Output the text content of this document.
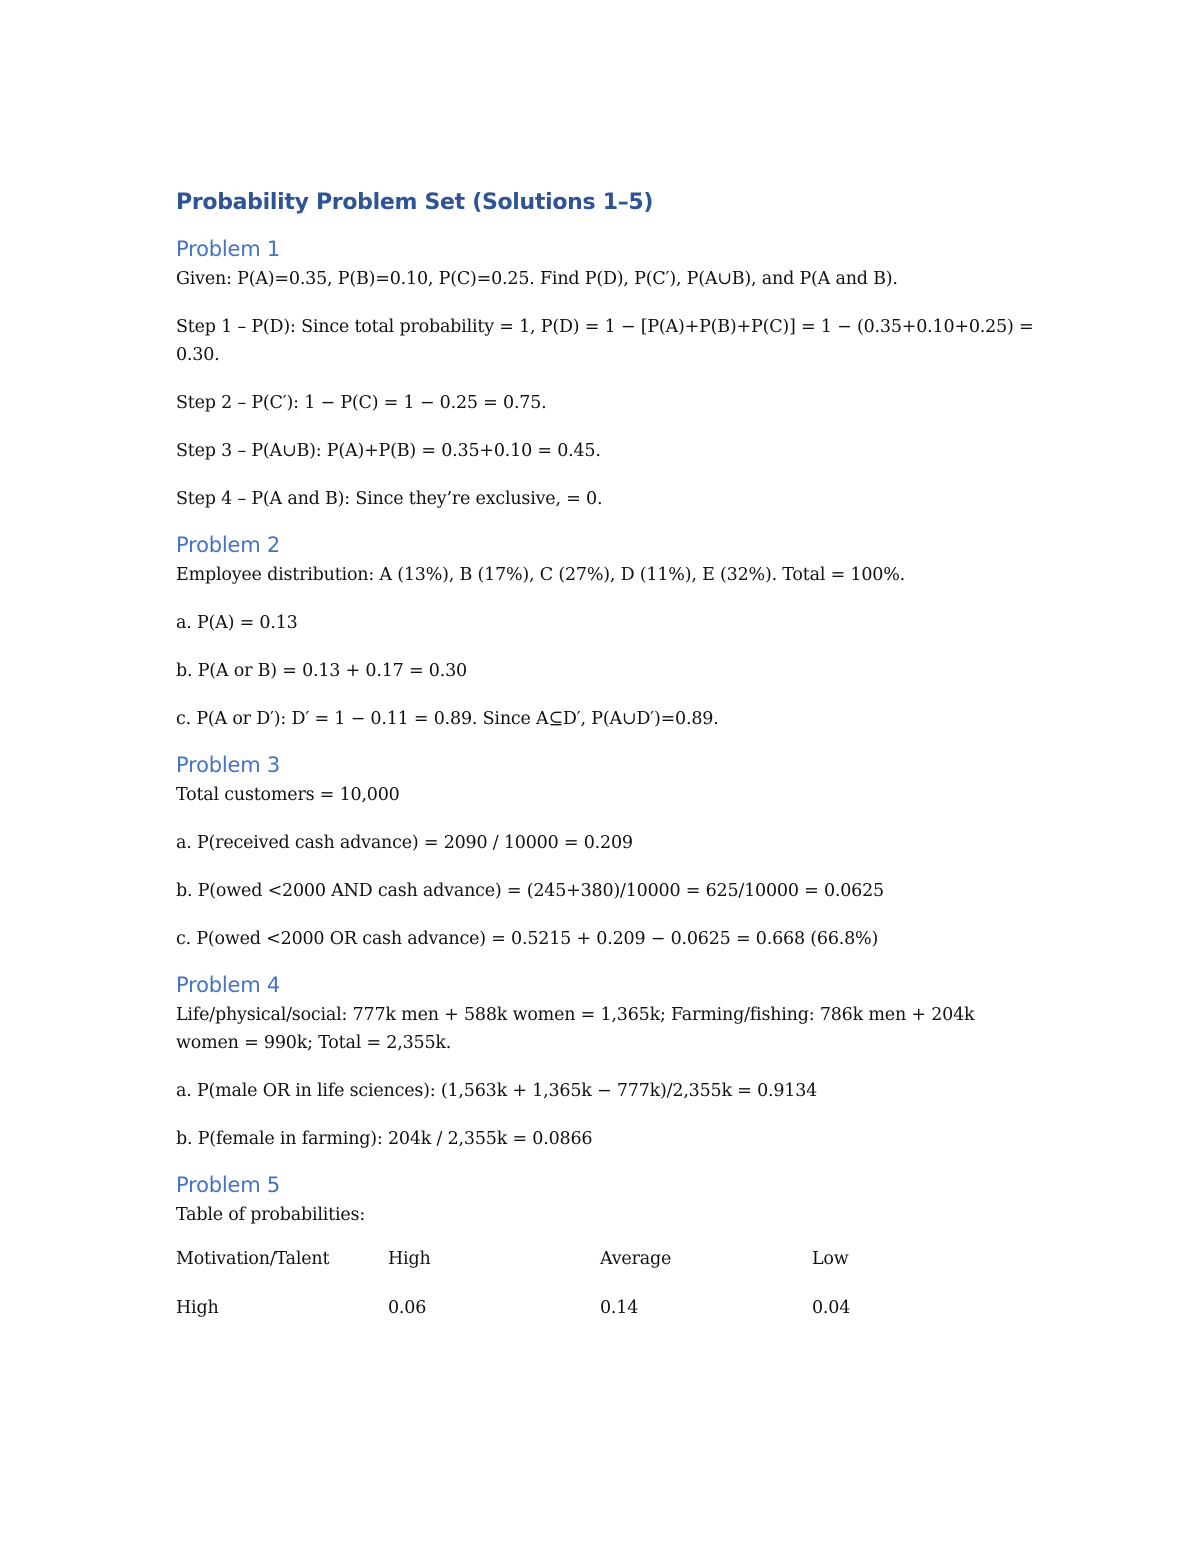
Probability Problem Set (Solutions 1–5)
Problem 1

Given: P(A)=0.35, P(B)=0.10, P(C)=0.25. Find P(D), P(C′), P(A∪B), and P(A and B).

Step 1 – P(D): Since total probability = 1, P(D) = 1 − [P(A)+P(B)+P(C)] = 1 − (0.35+0.10+0.25) = 0.30.

Step 2 – P(C′): 1 − P(C) = 1 − 0.25 = 0.75.

Step 3 – P(A∪B): P(A)+P(B) = 0.35+0.10 = 0.45.

Step 4 – P(A and B): Since they’re exclusive, = 0.

Problem 2

Employee distribution: A (13%), B (17%), C (27%), D (11%), E (32%). Total = 100%.

a. P(A) = 0.13

b. P(A or B) = 0.13 + 0.17 = 0.30

c. P(A or D′): D′ = 1 − 0.11 = 0.89. Since A⊆D′, P(A∪D′)=0.89.

Problem 3

Total customers = 10,000

a. P(received cash advance) = 2090 / 10000 = 0.209

b. P(owed <2000 AND cash advance) = (245+380)/10000 = 625/10000 = 0.0625

c. P(owed <2000 OR cash advance) = 0.5215 + 0.209 − 0.0625 = 0.668 (66.8%)

Problem 4

Life/physical/social: 777k men + 588k women = 1,365k; Farming/fishing: 786k men + 204k women = 990k; Total = 2,355k.

a. P(male OR in life sciences): (1,563k + 1,365k − 777k)/2,355k = 0.9134

b. P(female in farming): 204k / 2,355k = 0.0866

Problem 5

Table of probabilities:

Motivation/Talent	High	Average	Low
High	0.06	0.14	0.04
